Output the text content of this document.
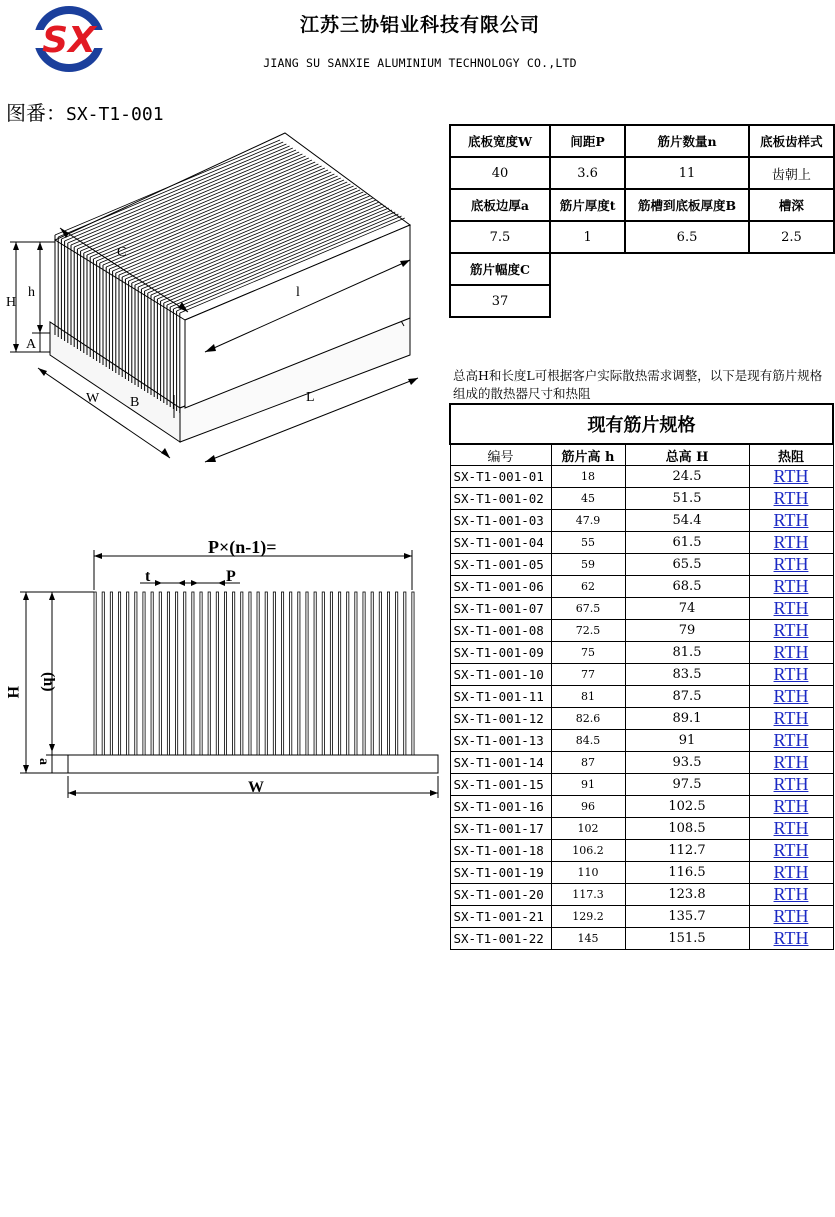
SX	江苏三协铝业科技有限公司
JIANG SU SANXIE ALUMINIUM TECHNOLOGY CO.,LTD
图番：SX-T1-001
C
H
h
A
l
W B	L
P×(n-1)=
t	P
H
(h)
a
W
底板宽度W	间距P	筋片数量n	底板齿样式
40	3.6	11	齿朝上
底板边厚a	筋片厚度t	筋槽到底板厚度B	槽深
7.5	1	6.5	2.5
筋片幅度C			
37			
总高H和长度L可根据客户实际散热需求调整，以下是现有筋片规格组成的散热器尺寸和热阻
现有筋片规格			
编号	筋片高 h	总高 H	热阻
SX-T1-001-01	18	24.5	RTH
SX-T1-001-02	45	51.5	RTH
SX-T1-001-03	47.9	54.4	RTH
SX-T1-001-04	55	61.5	RTH
SX-T1-001-05	59	65.5	RTH
SX-T1-001-06	62	68.5	RTH
SX-T1-001-07	67.5	74	RTH
SX-T1-001-08	72.5	79	RTH
SX-T1-001-09	75	81.5	RTH
SX-T1-001-10	77	83.5	RTH
SX-T1-001-11	81	87.5	RTH
SX-T1-001-12	82.6	89.1	RTH
SX-T1-001-13	84.5	91	RTH
SX-T1-001-14	87	93.5	RTH
SX-T1-001-15	91	97.5	RTH
SX-T1-001-16	96	102.5	RTH
SX-T1-001-17	102	108.5	RTH
SX-T1-001-18	106.2	112.7	RTH
SX-T1-001-19	110	116.5	RTH
SX-T1-001-20	117.3	123.8	RTH
SX-T1-001-21	129.2	135.7	RTH
SX-T1-001-22	145	151.5	RTH
